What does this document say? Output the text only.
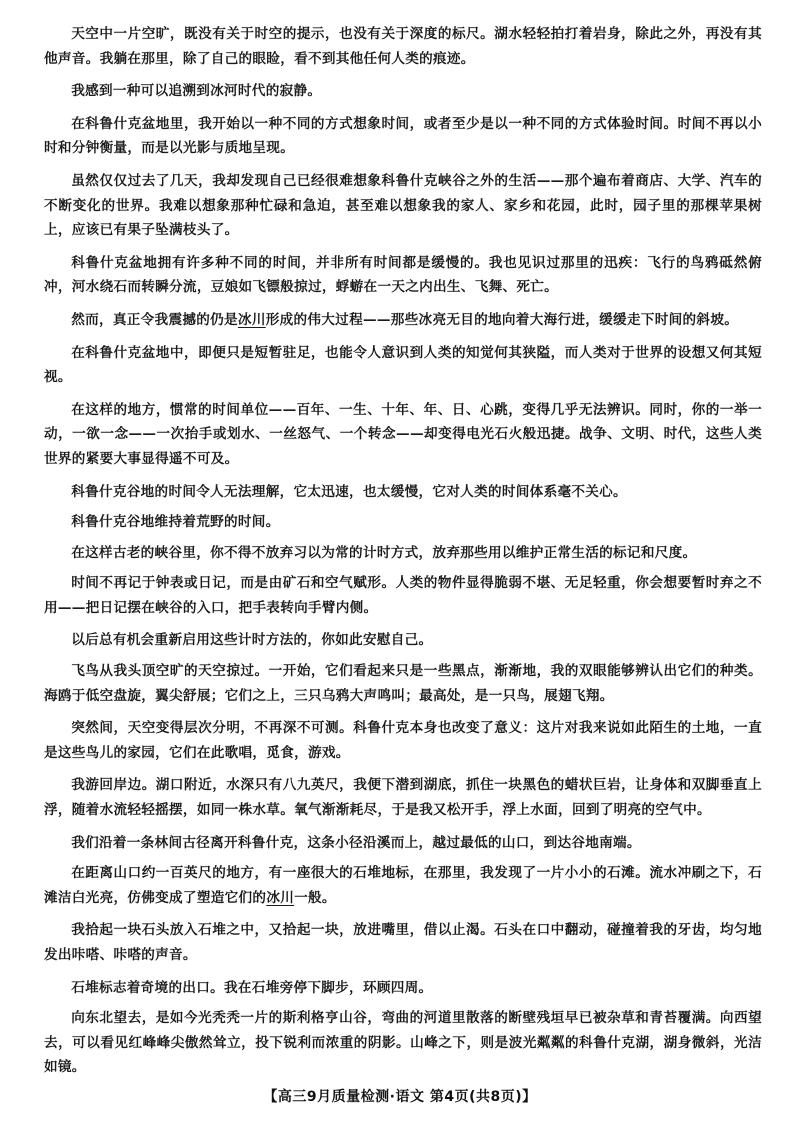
天空中一片空旷，既没有关于时空的提示，也没有关于深度的标尺。湖水轻轻拍打着岩身，除此之外，再没有其他声音。我躺在那里，除了自己的眼睑，看不到其他任何人类的痕迹。

我感到一种可以追溯到冰河时代的寂静。

在科鲁什克盆地里，我开始以一种不同的方式想象时间，或者至少是以一种不同的方式体验时间。时间不再以小时和分钟衡量，而是以光影与质地呈现。

虽然仅仅过去了几天，我却发现自己已经很难想象科鲁什克峡谷之外的生活——那个遍布着商店、大学、汽车的不断变化的世界。我难以想象那种忙碌和急迫，甚至难以想象我的家人、家乡和花园，此时，园子里的那棵苹果树上，应该已有果子坠满枝头了。

科鲁什克盆地拥有许多种不同的时间，并非所有时间都是缓慢的。我也见识过那里的迅疾：飞行的鸟鸦砥然俯冲，河水绕石而转瞬分流，豆娘如飞镖般掠过，蜉蝣在一天之内出生、飞舞、死亡。

然而，真正令我震撼的仍是冰川形成的伟大过程——那些冰亮无目的地向着大海行进，缓缓走下时间的斜坡。

在科鲁什克盆地中，即便只是短暂驻足，也能令人意识到人类的知觉何其狭隘，而人类对于世界的设想又何其短视。

在这样的地方，惯常的时间单位——百年、一生、十年、年、日、心跳，变得几乎无法辨识。同时，你的一举一动，一欲一念——一次抬手或划水、一丝怒气、一个转念——却变得电光石火般迅捷。战争、文明、时代，这些人类世界的紧要大事显得遥不可及。

科鲁什克谷地的时间令人无法理解，它太迅速，也太缓慢，它对人类的时间体系毫不关心。

科鲁什克谷地维持着荒野的时间。

在这样古老的峡谷里，你不得不放弃习以为常的计时方式，放弃那些用以维护正常生活的标记和尺度。

时间不再记于钟表或日记，而是由矿石和空气赋形。人类的物件显得脆弱不堪、无足轻重，你会想要暂时弃之不用——把日记摆在峡谷的入口，把手表转向手臂内侧。

以后总有机会重新启用这些计时方法的，你如此安慰自己。

飞鸟从我头顶空旷的天空掠过。一开始，它们看起来只是一些黑点，渐渐地，我的双眼能够辨认出它们的种类。海鸥于低空盘旋，翼尖舒展；它们之上，三只乌鸦大声鸣叫；最高处，是一只鸟，展翅飞翔。

突然间，天空变得层次分明，不再深不可测。科鲁什克本身也改变了意义：这片对我来说如此陌生的土地，一直是这些鸟儿的家园，它们在此歌唱，觅食，游戏。

我游回岸边。湖口附近，水深只有八九英尺，我便下潜到湖底，抓住一块黑色的蜡状巨岩，让身体和双脚垂直上浮，随着水流轻轻摇摆，如同一株水草。氧气渐渐耗尽，于是我又松开手，浮上水面，回到了明亮的空气中。

我们沿着一条林间古径离开科鲁什克，这条小径沿溪而上，越过最低的山口，到达谷地南端。

在距离山口约一百英尺的地方，有一座很大的石堆地标，在那里，我发现了一片小小的石滩。流水冲刷之下，石滩洁白光亮，仿佛变成了塑造它们的冰川一般。

我拾起一块石头放入石堆之中，又拾起一块，放进嘴里，借以止渴。石头在口中翻动，碰撞着我的牙齿，均匀地发出咔嗒、咔嗒的声音。

石堆标志着奇境的出口。我在石堆旁停下脚步，环顾四周。

向东北望去，是如今光秃秃一片的斯利格亨山谷，弯曲的河道里散落的断壁残垣早已被杂草和青苔覆满。向西望去，可以看见红峰峰尖傲然耸立，投下锐利而浓重的阴影。山峰之下，则是波光粼粼的科鲁什克湖，湖身微斜，光洁如镜。

【高三9月质量检测·语文 第4页(共8页)】
